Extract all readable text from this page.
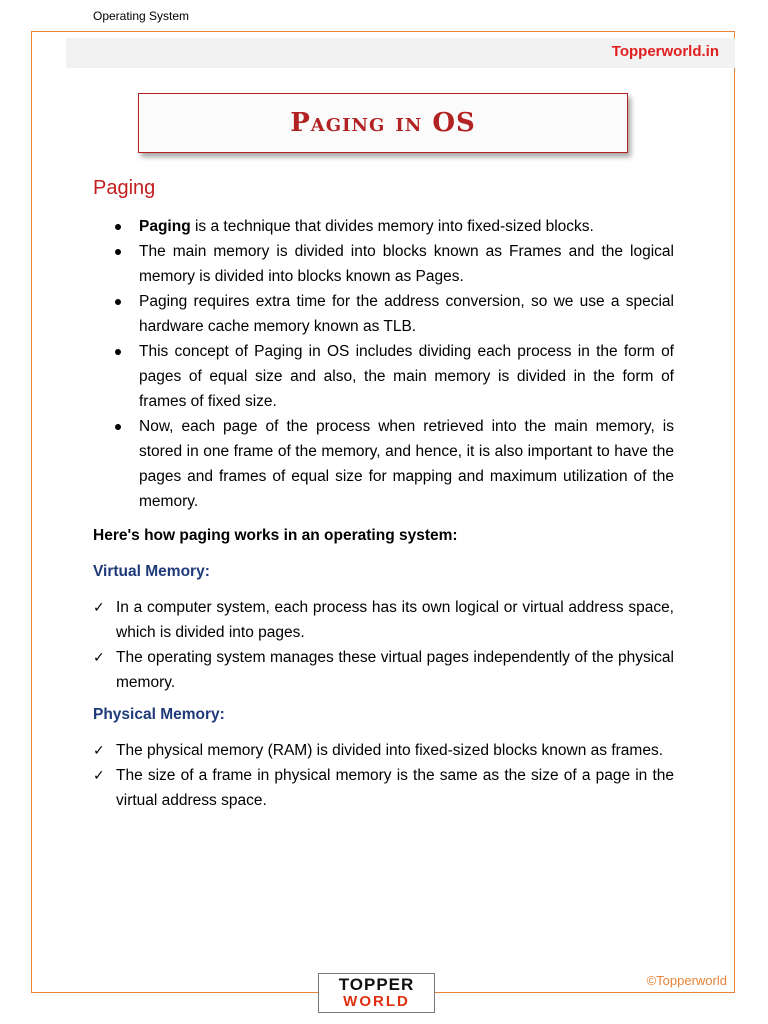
Operating System
Topperworld.in
Paging in OS
Paging
Paging is a technique that divides memory into fixed-sized blocks.
The main memory is divided into blocks known as Frames and the logical memory is divided into blocks known as Pages.
Paging requires extra time for the address conversion, so we use a special hardware cache memory known as TLB.
This concept of Paging in OS includes dividing each process in the form of pages of equal size and also, the main memory is divided in the form of frames of fixed size.
Now, each page of the process when retrieved into the main memory, is stored in one frame of the memory, and hence, it is also important to have the pages and frames of equal size for mapping and maximum utilization of the memory.
Here's how paging works in an operating system:
Virtual Memory:
✓ In a computer system, each process has its own logical or virtual address space, which is divided into pages.
✓ The operating system manages these virtual pages independently of the physical memory.
Physical Memory:
✓ The physical memory (RAM) is divided into fixed-sized blocks known as frames.
✓ The size of a frame in physical memory is the same as the size of a page in the virtual address space.
TOPPER
WORLD
©Topperworld
